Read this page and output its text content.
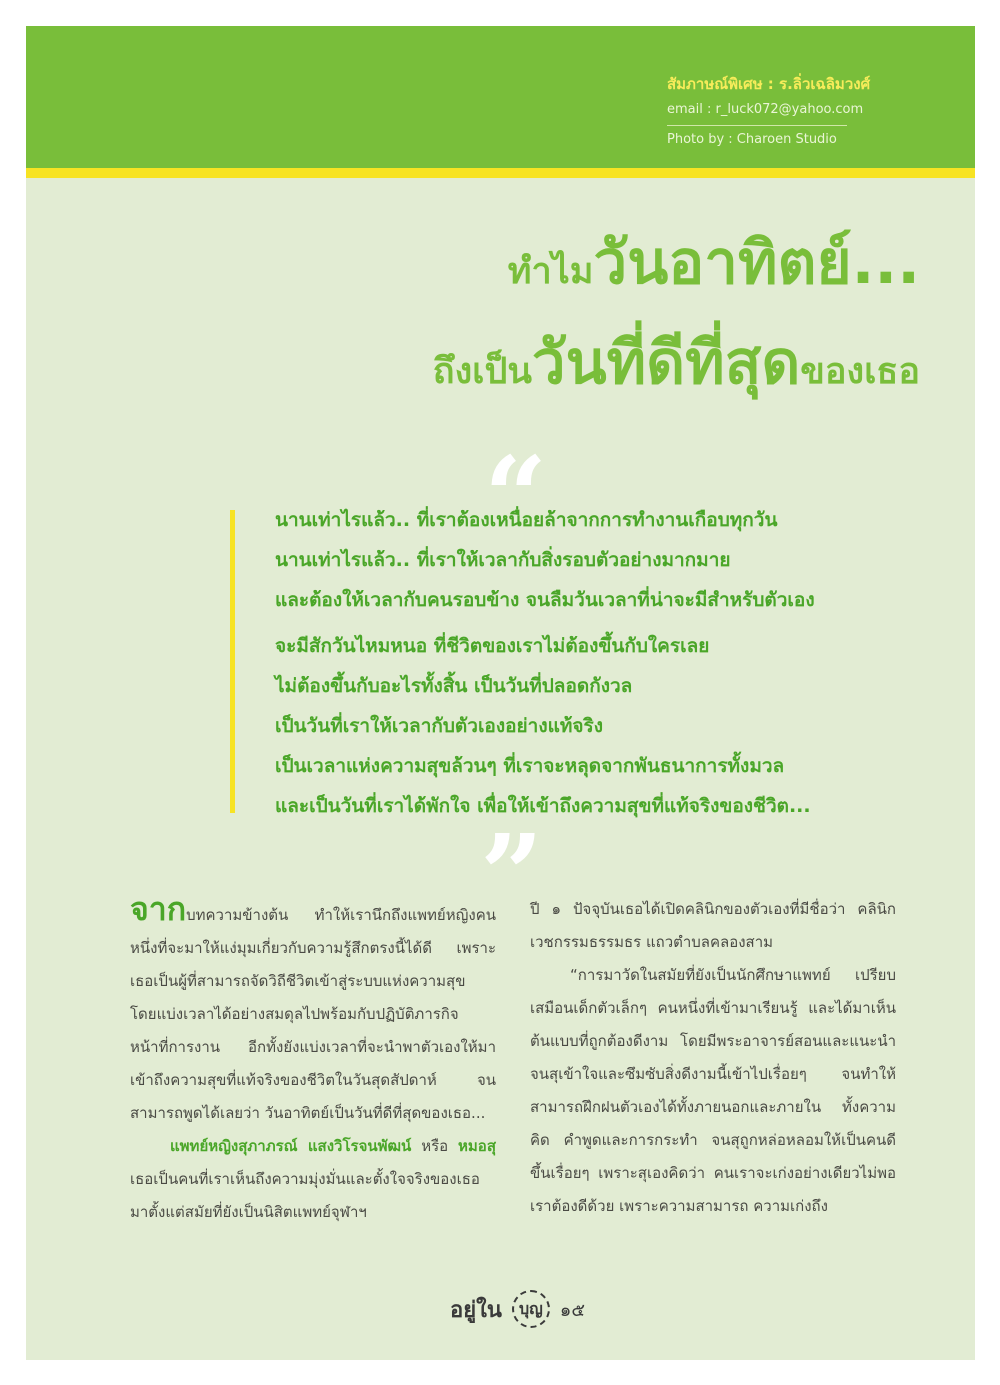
สัมภาษณ์พิเศษ : ร.ลิ่วเฉลิมวงศ์
email : r_luck072@yahoo.com
Photo by : Charoen Studio
ทำไมวันอาทิตย์...
ถึงเป็นวันที่ดีที่สุดของเธอ
“
นานเท่าไรแล้ว.. ที่เราต้องเหนื่อยล้าจากการทำงานเกือบทุกวัน
นานเท่าไรแล้ว.. ที่เราให้เวลากับสิ่งรอบตัวอย่างมากมาย
และต้องให้เวลากับคนรอบข้าง จนลืมวันเวลาที่น่าจะมีสำหรับตัวเอง
จะมีสักวันไหมหนอ ที่ชีวิตของเราไม่ต้องขึ้นกับใครเลย
ไม่ต้องขึ้นกับอะไรทั้งสิ้น เป็นวันที่ปลอดกังวล
เป็นวันที่เราให้เวลากับตัวเองอย่างแท้จริง
เป็นเวลาแห่งความสุขล้วนๆ ที่เราจะหลุดจากพันธนาการทั้งมวล
และเป็นวันที่เราได้พักใจ เพื่อให้เข้าถึงความสุขที่แท้จริงของชีวิต...
”

จากบทความข้างต้น ทำให้เรานึกถึงแพทย์หญิงคนหนึ่งที่จะมาให้แง่มุมเกี่ยวกับความรู้สึกตรงนี้ได้ดี เพราะเธอเป็นผู้ที่สามารถจัดวิถีชีวิตเข้าสู่ระบบแห่งความสุข โดยแบ่งเวลาได้อย่างสมดุลไปพร้อมกับปฏิบัติภารกิจหน้าที่การงาน อีกทั้งยังแบ่งเวลาที่จะนำพาตัวเองให้มาเข้าถึงความสุขที่แท้จริงของชีวิตในวันสุดสัปดาห์ จนสามารถพูดได้เลยว่า วันอาทิตย์เป็นวันที่ดีที่สุดของเธอ...

แพทย์หญิงสุภาภรณ์ แสงวิโรจนพัฒน์ หรือ หมอสุ เธอเป็นคนที่เราเห็นถึงความมุ่งมั่นและตั้งใจจริงของเธอ มาตั้งแต่สมัยที่ยังเป็นนิสิตแพทย์จุฬาฯ

ปี ๑ ปัจจุบันเธอได้เปิดคลินิกของตัวเองที่มีชื่อว่า คลินิกเวชกรรมธรรมธร แถวตำบลคลองสาม

“การมาวัดในสมัยที่ยังเป็นนักศึกษาแพทย์ เปรียบเสมือนเด็กตัวเล็กๆ คนหนึ่งที่เข้ามาเรียนรู้ และได้มาเห็นต้นแบบที่ถูกต้องดีงาม โดยมีพระอาจารย์สอนและแนะนำจนสุเข้าใจและซึมซับสิ่งดีงามนี้เข้าไปเรื่อยๆ จนทำให้สามารถฝึกฝนตัวเองได้ทั้งภายนอกและภายใน ทั้งความคิด คำพูดและการกระทำ จนสุถูกหล่อหลอมให้เป็นคนดีขึ้นเรื่อยๆ เพราะสุเองคิดว่า คนเราจะเก่งอย่างเดียวไม่พอ เราต้องดีด้วย เพราะความสามารถ ความเก่งถึง

อยู่ใน บุญ ๑๕
